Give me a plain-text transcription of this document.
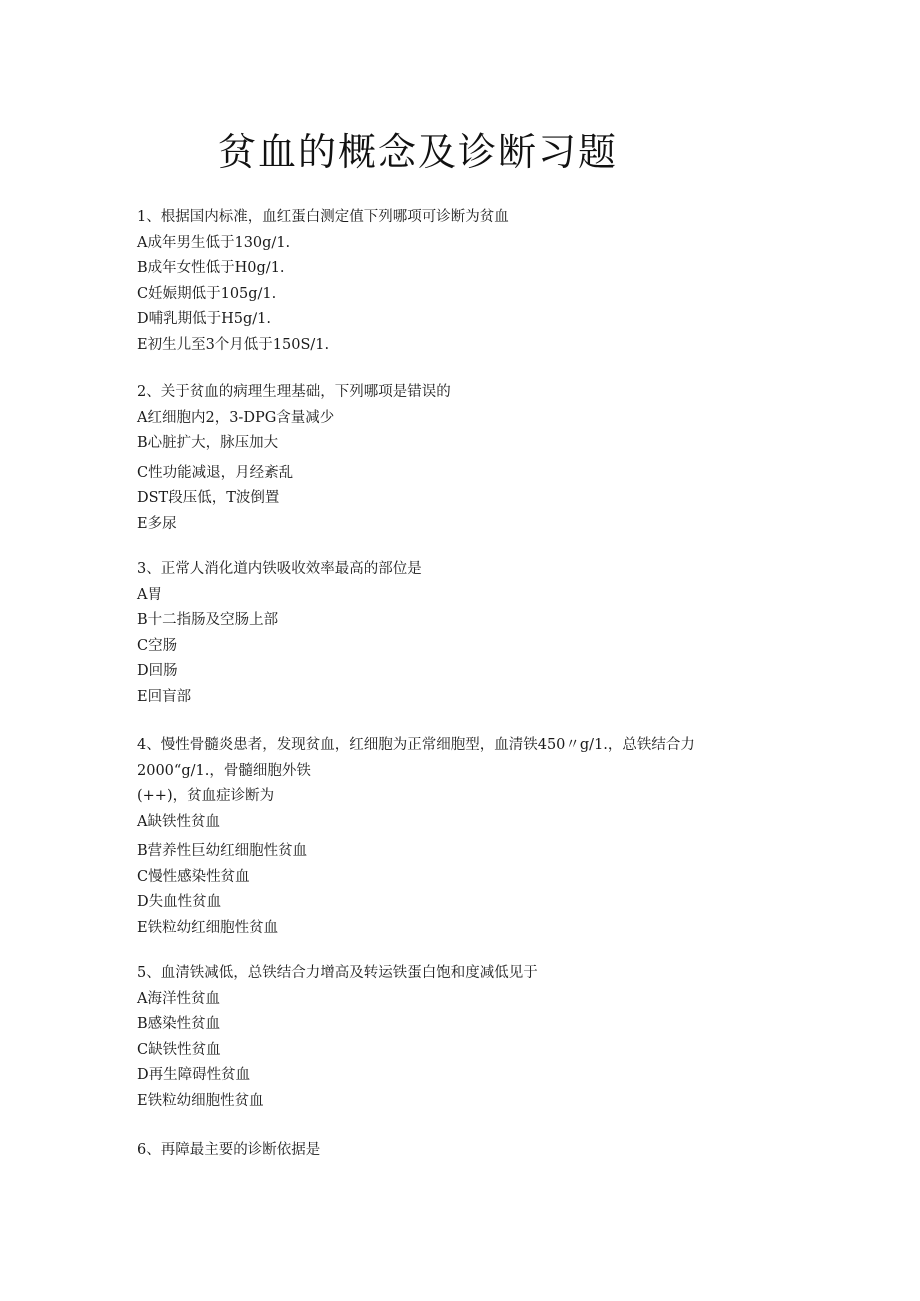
贫血的概念及诊断习题

1、根据国内标准，血红蛋白测定值下列哪项可诊断为贫血

A成年男生低于130g∕1.
B成年女性低于H0g∕1.
C妊娠期低于105g∕1.
D哺乳期低于H5g∕1.
E初生儿至3个月低于150S/1.

2、关于贫血的病理生理基础，下列哪项是错误的

A红细胞内2，3-DPG含量减少
B心脏扩大，脉压加大
C性功能减退，月经紊乱
DST段压低，T波倒置
E多尿

3、正常人消化道内铁吸收效率最高的部位是

A胃
B十二指肠及空肠上部
C空肠
D回肠
E回盲部

4、慢性骨髓炎患者，发现贫血，红细胞为正常细胞型，血清铁450〃g/1.，总铁结合力

2000“g/1.，骨髓细胞外铁
(++)，贫血症诊断为
A缺铁性贫血
B营养性巨幼红细胞性贫血
C慢性感染性贫血
D失血性贫血
E铁粒幼红细胞性贫血

5、血清铁减低，总铁结合力增高及转运铁蛋白饱和度减低见于

A海洋性贫血
B感染性贫血
C缺铁性贫血
D再生障碍性贫血
E铁粒幼细胞性贫血

6、再障最主要的诊断依据是
